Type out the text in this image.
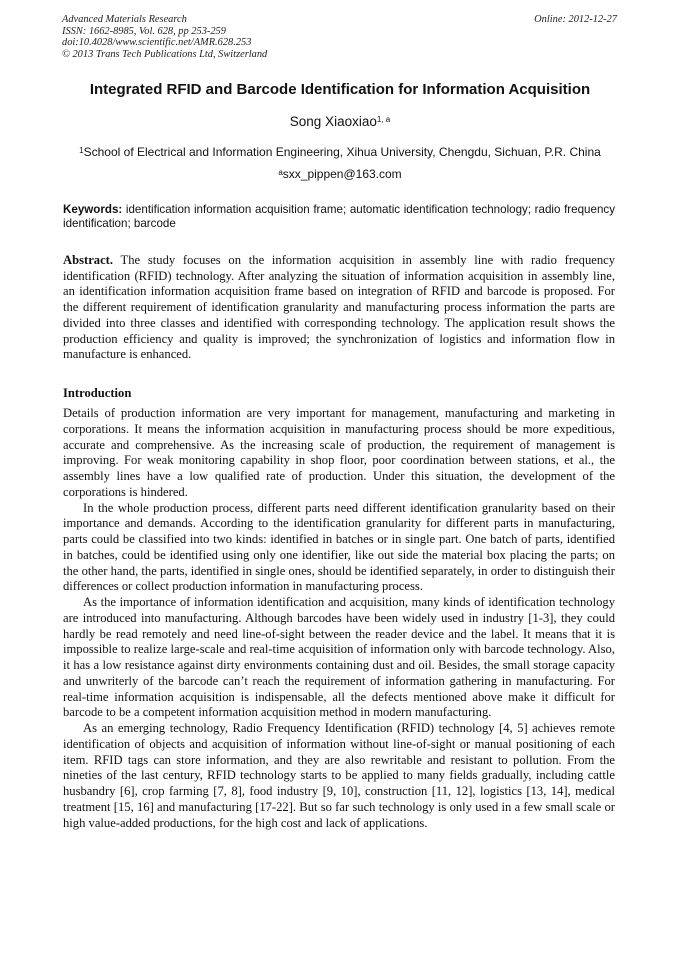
Advanced Materials Research
ISSN: 1662-8985, Vol. 628, pp 253-259
doi:10.4028/www.scientific.net/AMR.628.253
© 2013 Trans Tech Publications Ltd, Switzerland
Online: 2012-12-27
Integrated RFID and Barcode Identification for Information Acquisition
Song Xiaoxiao$^{1, a}$
$^1$School of Electrical and Information Engineering, Xihua University, Chengdu, Sichuan, P.R. China
$^a$sxx_pippen@163.com
Keywords: identification information acquisition frame; automatic identification technology; radio frequency identification; barcode
Abstract. The study focuses on the information acquisition in assembly line with radio frequency identification (RFID) technology. After analyzing the situation of information acquisition in assembly line, an identification information acquisition frame based on integration of RFID and barcode is proposed. For the different requirement of identification granularity and manufacturing process information the parts are divided into three classes and identified with corresponding technology. The application result shows the production efficiency and quality is improved; the synchronization of logistics and information flow in manufacture is enhanced.
Introduction

Details of production information are very important for management, manufacturing and marketing in corporations. It means the information acquisition in manufacturing process should be more expeditious, accurate and comprehensive. As the increasing scale of production, the requirement of management is improving. For weak monitoring capability in shop floor, poor coordination between stations, et al., the assembly lines have a low qualified rate of production. Under this situation, the development of the corporations is hindered.

In the whole production process, different parts need different identification granularity based on their importance and demands. According to the identification granularity for different parts in manufacturing, parts could be classified into two kinds: identified in batches or in single part. One batch of parts, identified in batches, could be identified using only one identifier, like out side the material box placing the parts; on the other hand, the parts, identified in single ones, should be identified separately, in order to distinguish their differences or collect production information in manufacturing process.

As the importance of information identification and acquisition, many kinds of identification technology are introduced into manufacturing. Although barcodes have been widely used in industry [1-3], they could hardly be read remotely and need line-of-sight between the reader device and the label. It means that it is impossible to realize large-scale and real-time acquisition of information only with barcode technology. Also, it has a low resistance against dirty environments containing dust and oil. Besides, the small storage capacity and unwriterly of the barcode can’t reach the requirement of information gathering in manufacturing. For real-time information acquisition is indispensable, all the defects mentioned above make it difficult for barcode to be a competent information acquisition method in modern manufacturing.

As an emerging technology, Radio Frequency Identification (RFID) technology [4, 5] achieves remote identification of objects and acquisition of information without line-of-sight or manual positioning of each item. RFID tags can store information, and they are also rewritable and resistant to pollution. From the nineties of the last century, RFID technology starts to be applied to many fields gradually, including cattle husbandry [6], crop farming [7, 8], food industry [9, 10], construction [11, 12], logistics [13, 14], medical treatment [15, 16] and manufacturing [17-22]. But so far such technology is only used in a few small scale or high value-added productions, for the high cost and lack of applications.
